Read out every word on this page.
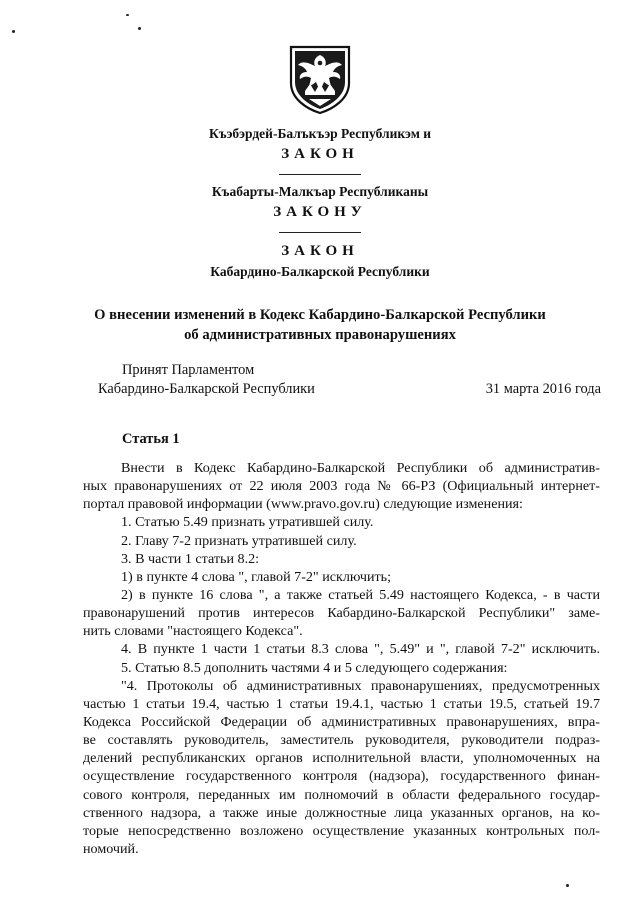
Къэбэрдей-Балъкъэр Республикэм и
ЗАКОН
Къабарты-Малкъар Республиканы
ЗАКОНУ
ЗАКОН
Кабардино-Балкарской Республики
О внесении изменений в Кодекс Кабардино-Балкарской Республики
об административных правонарушениях
Принят Парламентом
Кабардино-Балкарской Республики	31 марта 2016 года
Статья 1
Внести в Кодекс Кабардино-Балкарской Республики об административ-
ных правонарушениях от 22 июля 2003 года № 66-РЗ (Официальный интернет-
портал правовой информации (www.pravo.gov.ru) следующие изменения:
1. Статью 5.49 признать утратившей силу.
2. Главу 7-2 признать утратившей силу.
3. В части 1 статьи 8.2:
1) в пункте 4 слова ", главой 7-2" исключить;
2) в пункте 16 слова ", а также статьей 5.49 настоящего Кодекса, - в части
правонарушений против интересов Кабардино-Балкарской Республики" заме-
нить словами "настоящего Кодекса".
4. В пункте 1 части 1 статьи 8.3 слова ", 5.49" и ", главой 7-2" исключить.
5. Статью 8.5 дополнить частями 4 и 5 следующего содержания:
"4. Протоколы об административных правонарушениях, предусмотренных
частью 1 статьи 19.4, частью 1 статьи 19.4.1, частью 1 статьи 19.5, статьей 19.7
Кодекса Российской Федерации об административных правонарушениях, впра-
ве составлять руководитель, заместитель руководителя, руководители подраз-
делений республиканских органов исполнительной власти, уполномоченных на
осуществление государственного контроля (надзора), государственного финан-
сового контроля, переданных им полномочий в области федерального государ-
ственного надзора, а также иные должностные лица указанных органов, на ко-
торые непосредственно возложено осуществление указанных контрольных пол-
номочий.
